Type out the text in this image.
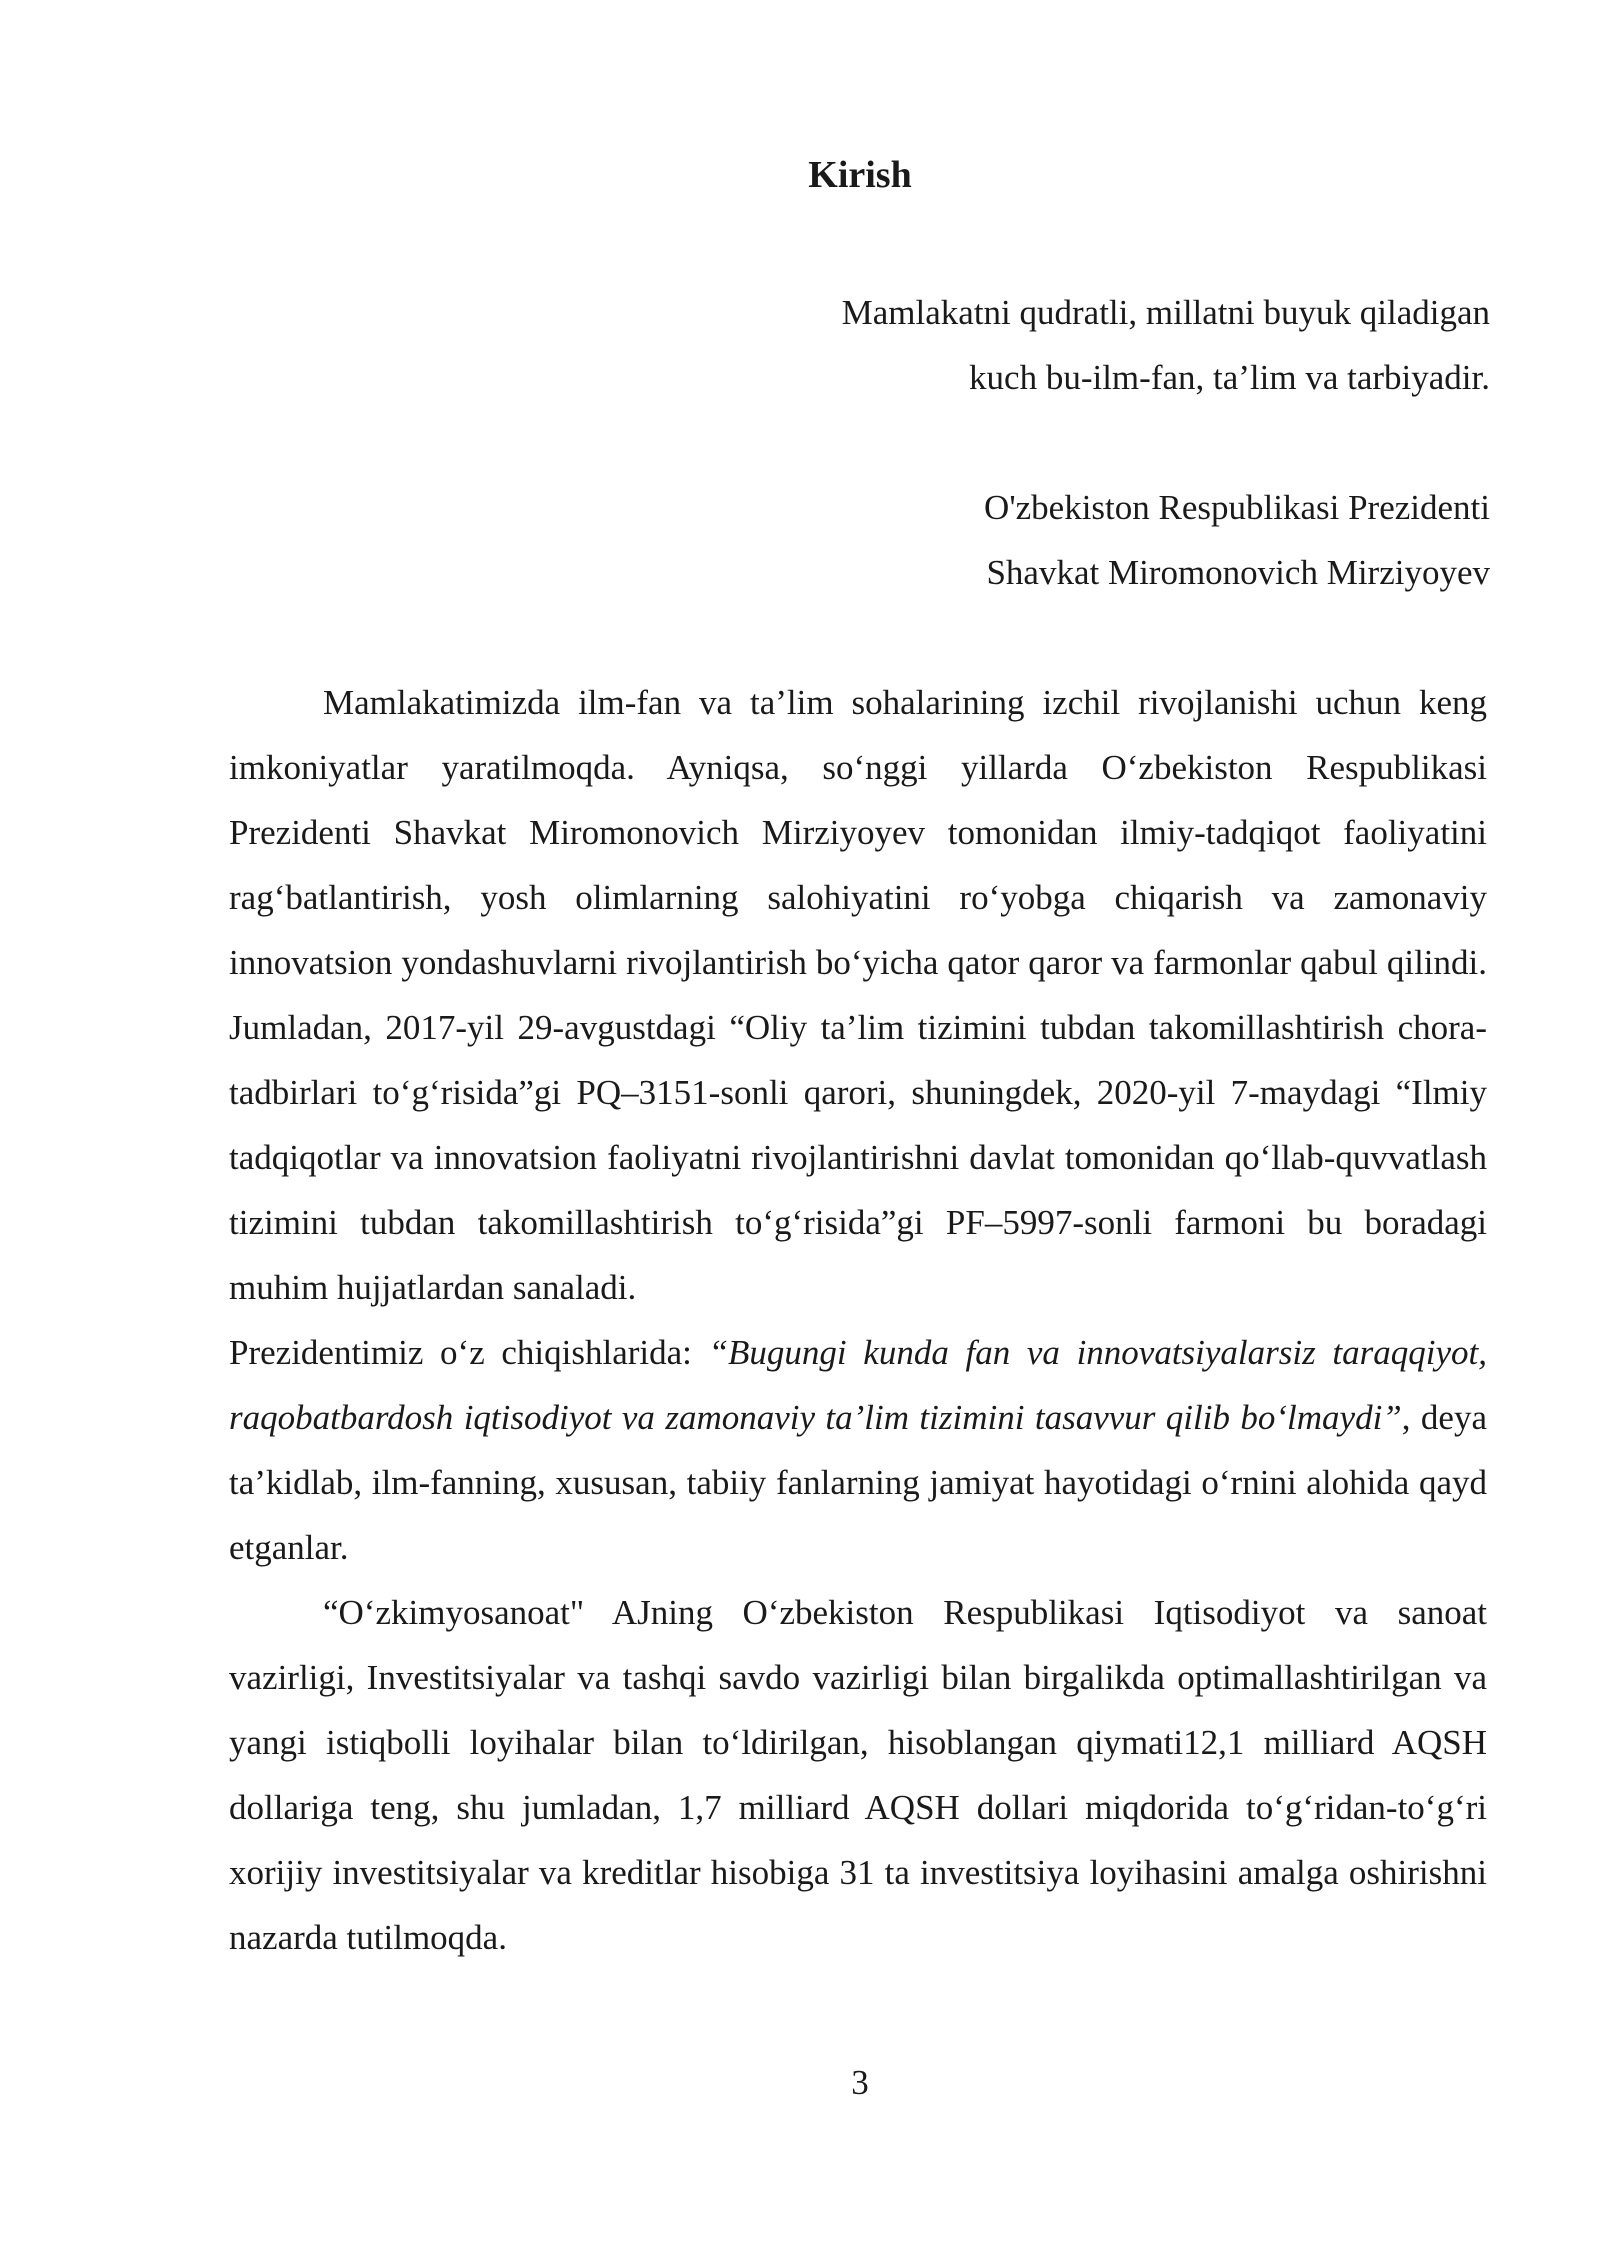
Kirish

Mamlakatni qudratli, millatni buyuk qiladigan

kuch bu-ilm-fan, ta’lim va tarbiyadir.

O'zbekiston Respublikasi Prezidenti

Shavkat Miromonovich Mirziyoyev

Mamlakatimizda ilm-fan va ta’lim sohalarining izchil rivojlanishi uchun keng imkoniyatlar yaratilmoqda. Ayniqsa, so‘nggi yillarda O‘zbekiston Respublikasi Prezidenti Shavkat Miromonovich Mirziyoyev tomonidan ilmiy-tadqiqot faoliyatini rag‘batlantirish, yosh olimlarning salohiyatini ro‘yobga chiqarish va zamonaviy innovatsion yondashuvlarni rivojlantirish bo‘yicha qator qaror va farmonlar qabul qilindi. Jumladan, 2017-yil 29-avgustdagi “Oliy ta’lim tizimini tubdan takomillashtirish chora-tadbirlari to‘g‘risida”gi PQ–3151-sonli qarori, shuningdek, 2020-yil 7-maydagi “Ilmiy tadqiqotlar va innovatsion faoliyatni rivojlantirishni davlat tomonidan qo‘llab-quvvatlash tizimini tubdan takomillashtirish to‘g‘risida”gi PF–5997-sonli farmoni bu boradagi muhim hujjatlardan sanaladi.

Prezidentimiz o‘z chiqishlarida: “Bugungi kunda fan va innovatsiyalarsiz taraqqiyot, raqobatbardosh iqtisodiyot va zamonaviy ta’lim tizimini tasavvur qilib bo‘lmaydi”, deya ta’kidlab, ilm-fanning, xususan, tabiiy fanlarning jamiyat hayotidagi o‘rnini alohida qayd etganlar.

“O‘zkimyosanoat" AJning O‘zbekiston Respublikasi Iqtisodiyot va sanoat vazirligi, Investitsiyalar va tashqi savdo vazirligi bilan birgalikda optimallashtirilgan va yangi istiqbolli loyihalar bilan to‘ldirilgan, hisoblangan qiymati12,1 milliard AQSH dollariga teng, shu jumladan, 1,7 milliard AQSH dollari miqdorida to‘g‘ridan-to‘g‘ri xorijiy investitsiyalar va kreditlar hisobiga 31 ta investitsiya loyihasini amalga oshirishni nazarda tutilmoqda.

3
